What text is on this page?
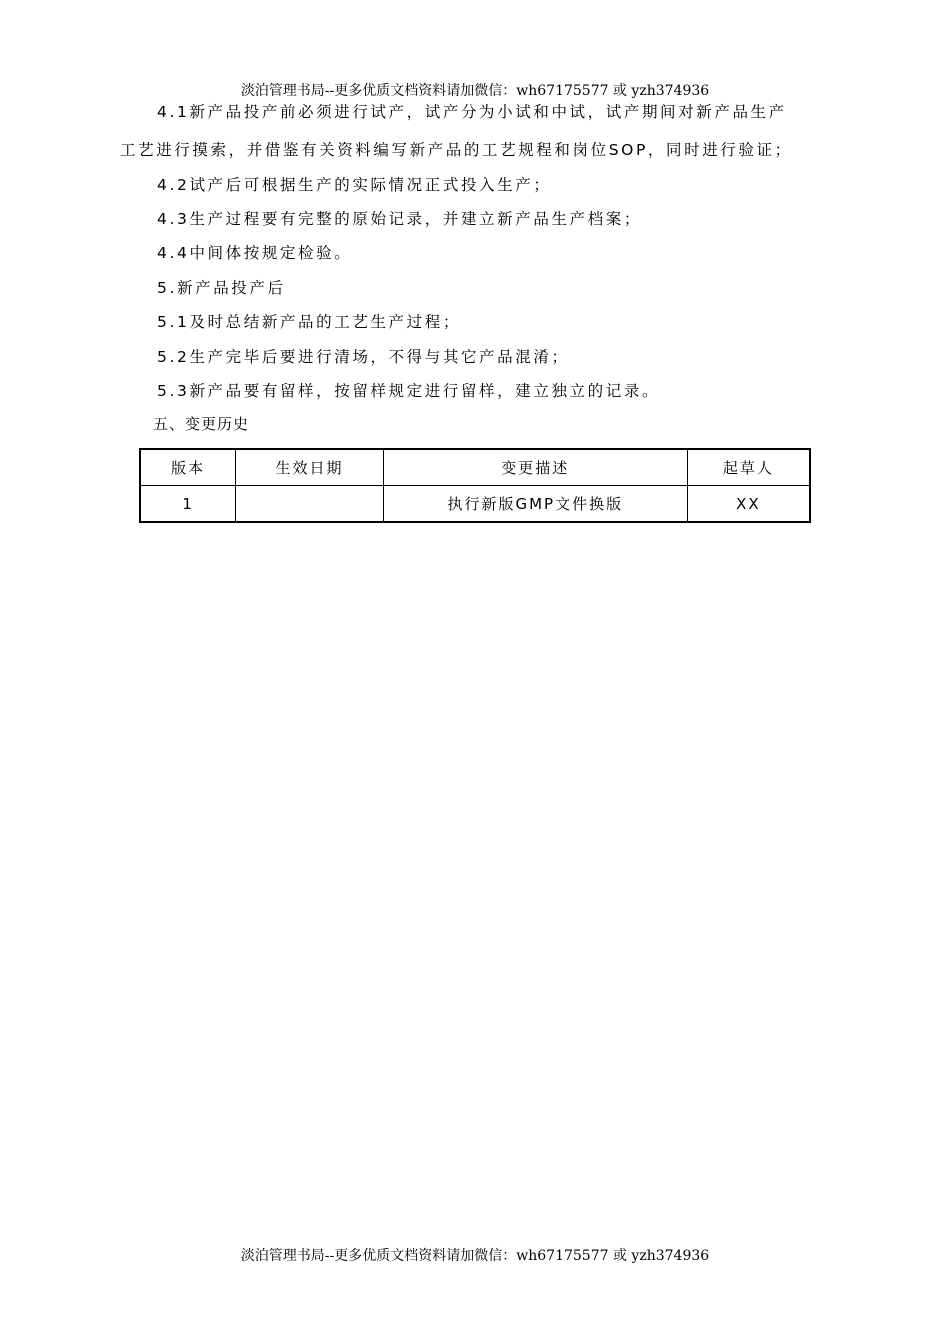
淡泊管理书局--更多优质文档资料请加微信：wh67175577 或 yzh374936
4.1新产品投产前必须进行试产，试产分为小试和中试，试产期间对新产品生产
工艺进行摸索，并借鉴有关资料编写新产品的工艺规程和岗位SOP，同时进行验证；
4.2试产后可根据生产的实际情况正式投入生产；
4.3生产过程要有完整的原始记录，并建立新产品生产档案；
4.4中间体按规定检验。
5.新产品投产后
5.1及时总结新产品的工艺生产过程；
5.2生产完毕后要进行清场，不得与其它产品混淆；
5.3新产品要有留样，按留样规定进行留样，建立独立的记录。
五、变更历史
版本	生效日期	变更描述	起草人
1		执行新版GMP文件换版	XX
淡泊管理书局--更多优质文档资料请加微信：wh67175577 或 yzh374936
